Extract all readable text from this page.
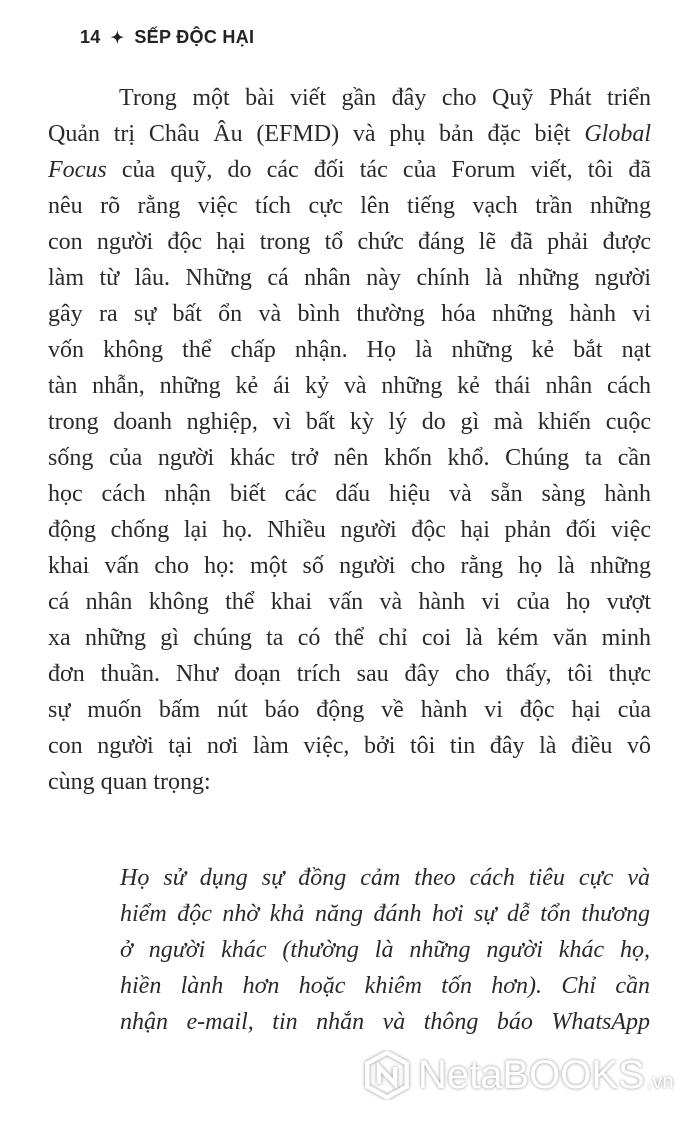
14 ✦ SẾP ĐỘC HẠI
Trong một bài viết gần đây cho Quỹ Phát triển
Quản trị Châu Âu (EFMD) và phụ bản đặc biệt Global
Focus của quỹ, do các đối tác của Forum viết, tôi đã
nêu rõ rằng việc tích cực lên tiếng vạch trần những
con người độc hại trong tổ chức đáng lẽ đã phải được
làm từ lâu. Những cá nhân này chính là những người
gây ra sự bất ổn và bình thường hóa những hành vi
vốn không thể chấp nhận. Họ là những kẻ bắt nạt
tàn nhẫn, những kẻ ái kỷ và những kẻ thái nhân cách
trong doanh nghiệp, vì bất kỳ lý do gì mà khiến cuộc
sống của người khác trở nên khốn khổ. Chúng ta cần
học cách nhận biết các dấu hiệu và sẵn sàng hành
động chống lại họ. Nhiều người độc hại phản đối việc
khai vấn cho họ: một số người cho rằng họ là những
cá nhân không thể khai vấn và hành vi của họ vượt
xa những gì chúng ta có thể chỉ coi là kém văn minh
đơn thuần. Như đoạn trích sau đây cho thấy, tôi thực
sự muốn bấm nút báo động về hành vi độc hại của
con người tại nơi làm việc, bởi tôi tin đây là điều vô
cùng quan trọng:
Họ sử dụng sự đồng cảm theo cách tiêu cực và
hiểm độc nhờ khả năng đánh hơi sự dễ tổn thương
ở người khác (thường là những người khác họ,
hiền lành hơn hoặc khiêm tốn hơn). Chỉ cần
nhận e-mail, tin nhắn và thông báo WhatsApp
NetaBOOKS .vn
